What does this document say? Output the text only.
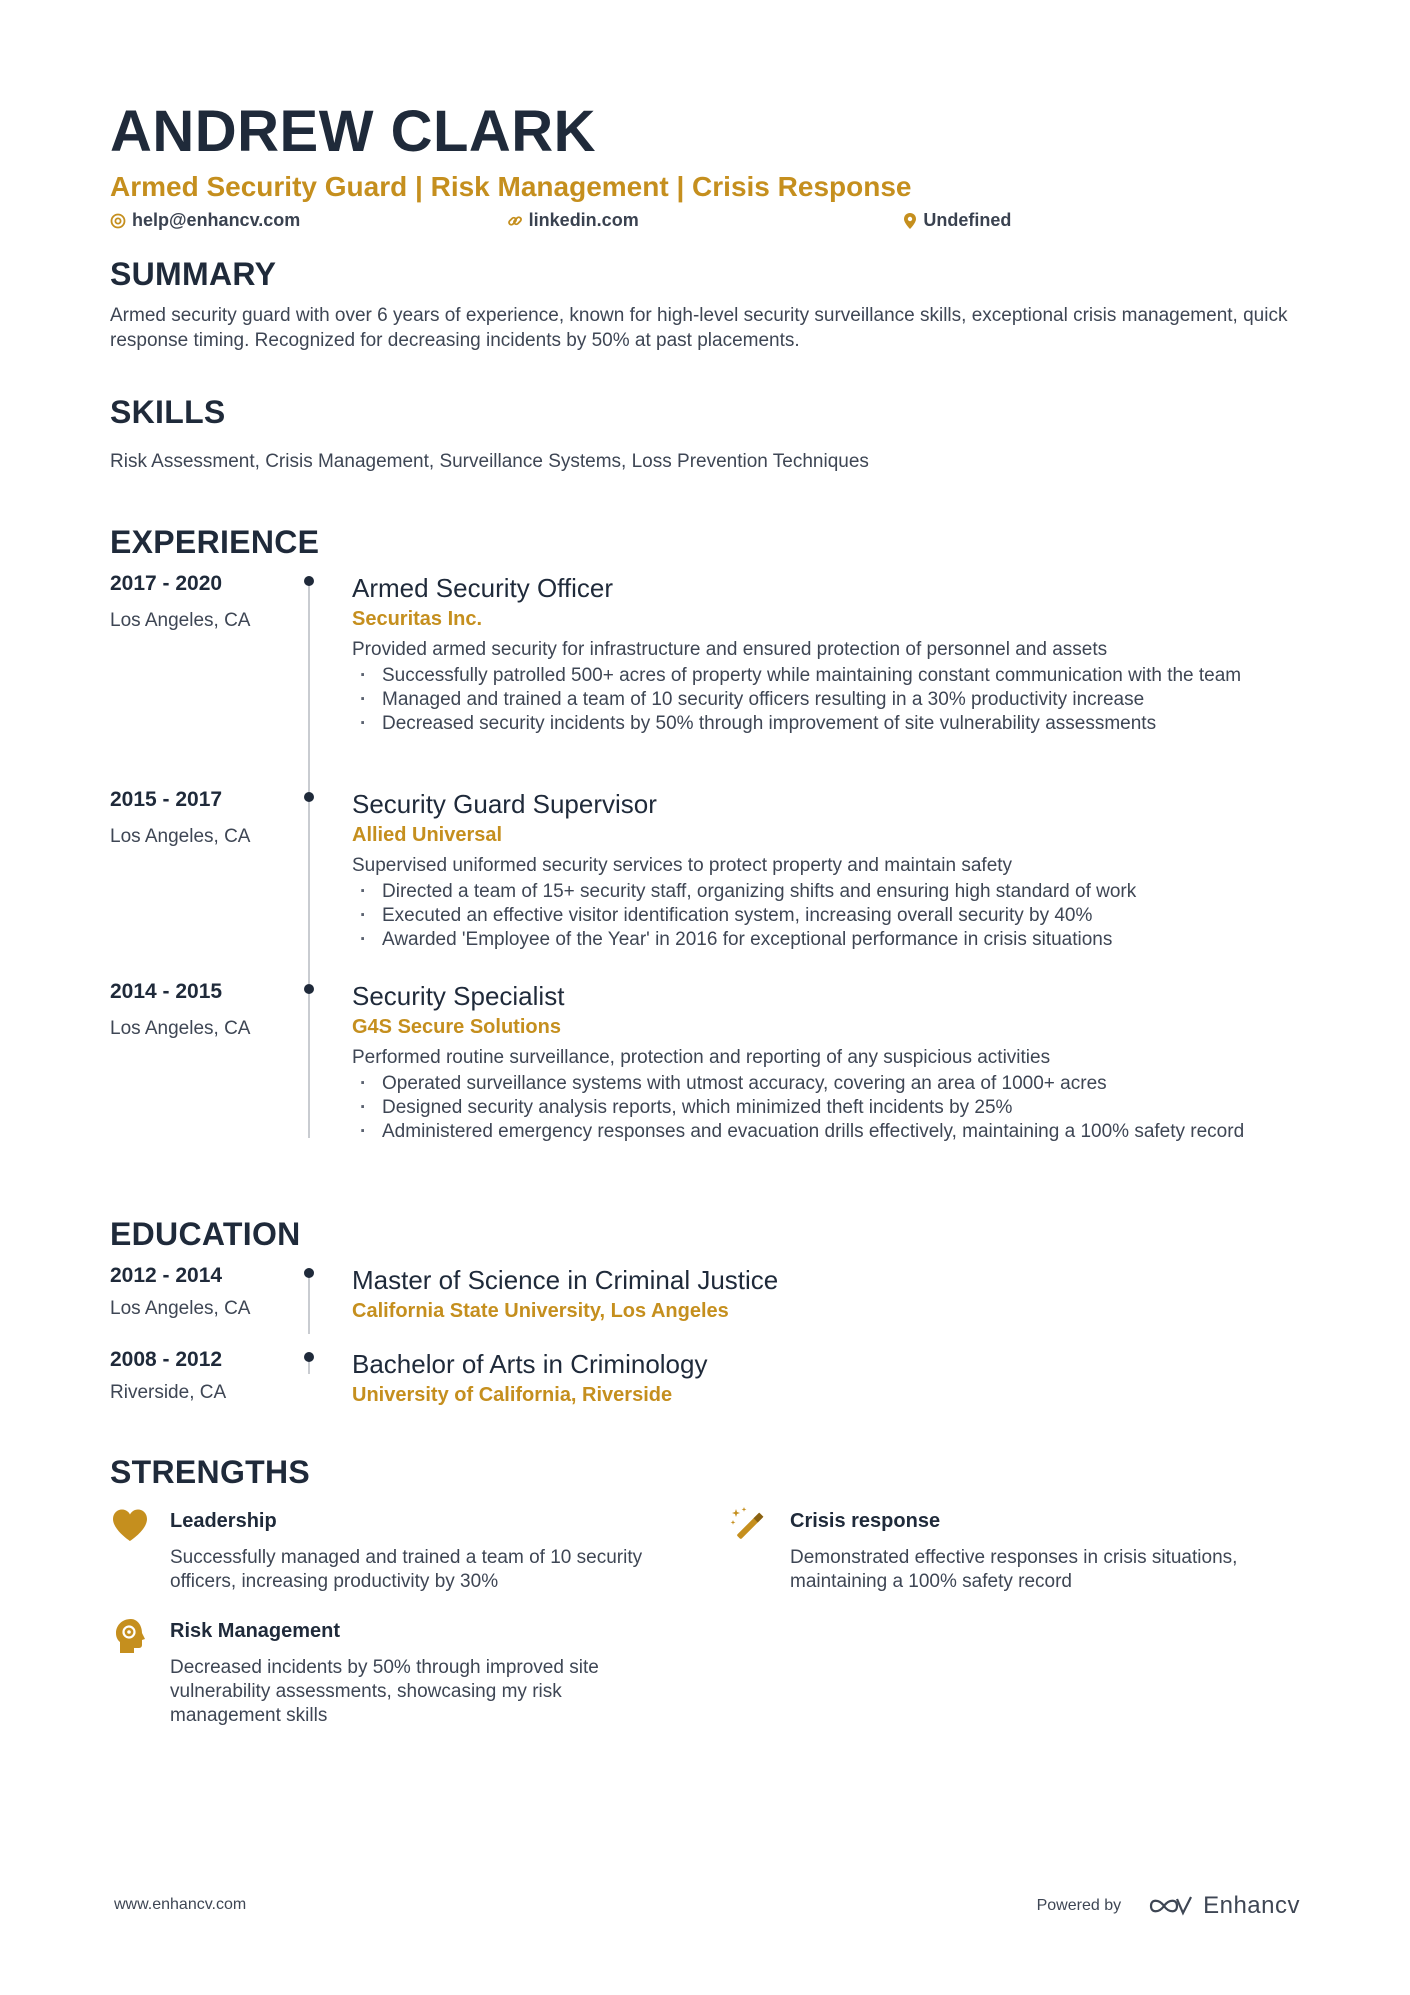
ANDREW CLARK
Armed Security Guard | Risk Management | Crisis Response
help@enhancv.com	linkedin.com	Undefined
SUMMARY
Armed security guard with over 6 years of experience, known for high-level security surveillance skills, exceptional crisis management, quick response timing. Recognized for decreasing incidents by 50% at past placements.
SKILLS
Risk Assessment, Crisis Management, Surveillance Systems, Loss Prevention Techniques
EXPERIENCE
2017 - 2020
Los Angeles, CA
Armed Security Officer
Securitas Inc.
Provided armed security for infrastructure and ensured protection of personnel and assets
· Successfully patrolled 500+ acres of property while maintaining constant communication with the team
· Managed and trained a team of 10 security officers resulting in a 30% productivity increase
· Decreased security incidents by 50% through improvement of site vulnerability assessments
2015 - 2017
Los Angeles, CA
Security Guard Supervisor
Allied Universal
Supervised uniformed security services to protect property and maintain safety
· Directed a team of 15+ security staff, organizing shifts and ensuring high standard of work
· Executed an effective visitor identification system, increasing overall security by 40%
· Awarded 'Employee of the Year' in 2016 for exceptional performance in crisis situations
2014 - 2015
Los Angeles, CA
Security Specialist
G4S Secure Solutions
Performed routine surveillance, protection and reporting of any suspicious activities
· Operated surveillance systems with utmost accuracy, covering an area of 1000+ acres
· Designed security analysis reports, which minimized theft incidents by 25%
· Administered emergency responses and evacuation drills effectively, maintaining a 100% safety record
EDUCATION
2012 - 2014
Los Angeles, CA
Master of Science in Criminal Justice
California State University, Los Angeles
2008 - 2012
Riverside, CA
Bachelor of Arts in Criminology
University of California, Riverside
STRENGTHS
Leadership
Successfully managed and trained a team of 10 security officers, increasing productivity by 30%
Crisis response
Demonstrated effective responses in crisis situations, maintaining a 100% safety record
Risk Management
Decreased incidents by 50% through improved site vulnerability assessments, showcasing my risk management skills
www.enhancv.com	Powered by	Enhancv
